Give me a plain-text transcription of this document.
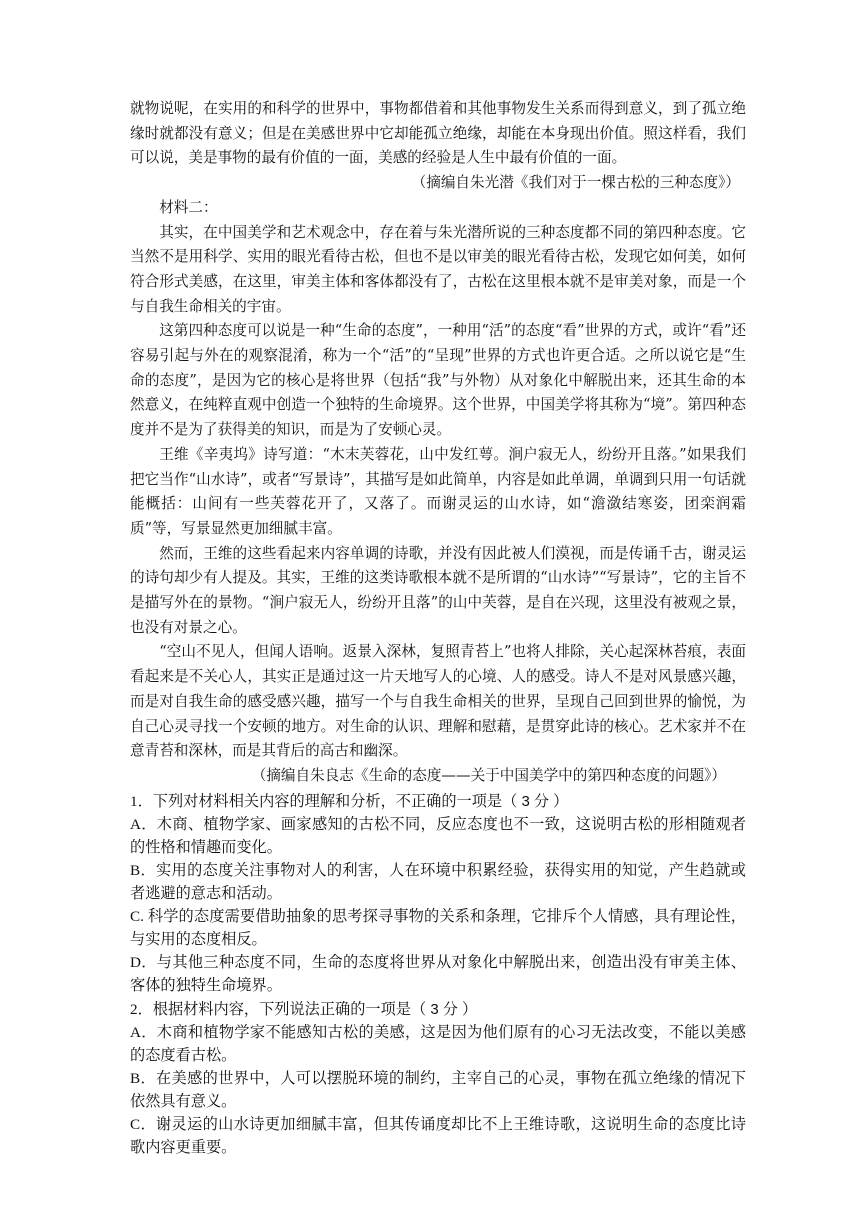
就物说呢，在实用的和科学的世界中，事物都借着和其他事物发生关系而得到意义，到了孤立绝缘时就都没有意义；但是在美感世界中它却能孤立绝缘，却能在本身现出价值。照这样看，我们可以说，美是事物的最有价值的一面，美感的经验是人生中最有价值的一面。

（摘编自朱光潜《我们对于一棵古松的三种态度》）

材料二：

其实，在中国美学和艺术观念中，存在着与朱光潜所说的三种态度都不同的第四种态度。它当然不是用科学、实用的眼光看待古松，但也不是以审美的眼光看待古松，发现它如何美，如何符合形式美感，在这里，审美主体和客体都没有了，古松在这里根本就不是审美对象，而是一个与自我生命相关的宇宙。

这第四种态度可以说是一种“生命的态度”，一种用“活”的态度“看”世界的方式，或许“看”还容易引起与外在的观察混淆，称为一个“活”的“呈现”世界的方式也许更合适。之所以说它是“生命的态度”，是因为它的核心是将世界（包括“我”与外物）从对象化中解脱出来，还其生命的本然意义，在纯粹直观中创造一个独特的生命境界。这个世界，中国美学将其称为“境”。第四种态度并不是为了获得美的知识，而是为了安顿心灵。

王维《辛夷坞》诗写道：“木末芙蓉花，山中发红萼。涧户寂无人，纷纷开且落。”如果我们把它当作“山水诗”，或者“写景诗”，其描写是如此简单，内容是如此单调，单调到只用一句话就能概括：山间有一些芙蓉花开了，又落了。而谢灵运的山水诗，如“澹潋结寒姿，团栾润霜质”等，写景显然更加细腻丰富。

然而，王维的这些看起来内容单调的诗歌，并没有因此被人们漠视，而是传诵千古，谢灵运的诗句却少有人提及。其实，王维的这类诗歌根本就不是所谓的“山水诗”“写景诗”，它的主旨不是描写外在的景物。“涧户寂无人，纷纷开且落”的山中芙蓉，是自在兴现，这里没有被观之景，也没有对景之心。

“空山不见人，但闻人语响。返景入深林，复照青苔上”也将人排除，关心起深林苔痕，表面看起来是不关心人，其实正是通过这一片天地写人的心境、人的感受。诗人不是对风景感兴趣，而是对自我生命的感受感兴趣，描写一个与自我生命相关的世界，呈现自己回到世界的愉悦，为自己心灵寻找一个安顿的地方。对生命的认识、理解和慰藉，是贯穿此诗的核心。艺术家并不在意青苔和深林，而是其背后的高古和幽深。

（摘编自朱良志《生命的态度——关于中国美学中的第四种态度的问题》）

1．下列对材料相关内容的理解和分析，不正确的一项是（ 3 分 ）

A．木商、植物学家、画家感知的古松不同，反应态度也不一致，这说明古松的形相随观者的性格和情趣而变化。

B．实用的态度关注事物对人的利害，人在环境中积累经验，获得实用的知觉，产生趋就或者逃避的意志和活动。

C. 科学的态度需要借助抽象的思考探寻事物的关系和条理，它排斥个人情感，具有理论性，与实用的态度相反。

D．与其他三种态度不同，生命的态度将世界从对象化中解脱出来，创造出没有审美主体、客体的独特生命境界。

2．根据材料内容，下列说法正确的一项是（ 3 分 ）

A．木商和植物学家不能感知古松的美感，这是因为他们原有的心习无法改变，不能以美感的态度看古松。

B．在美感的世界中，人可以摆脱环境的制约，主宰自己的心灵，事物在孤立绝缘的情况下依然具有意义。

C．谢灵运的山水诗更加细腻丰富，但其传诵度却比不上王维诗歌，这说明生命的态度比诗歌内容更重要。
